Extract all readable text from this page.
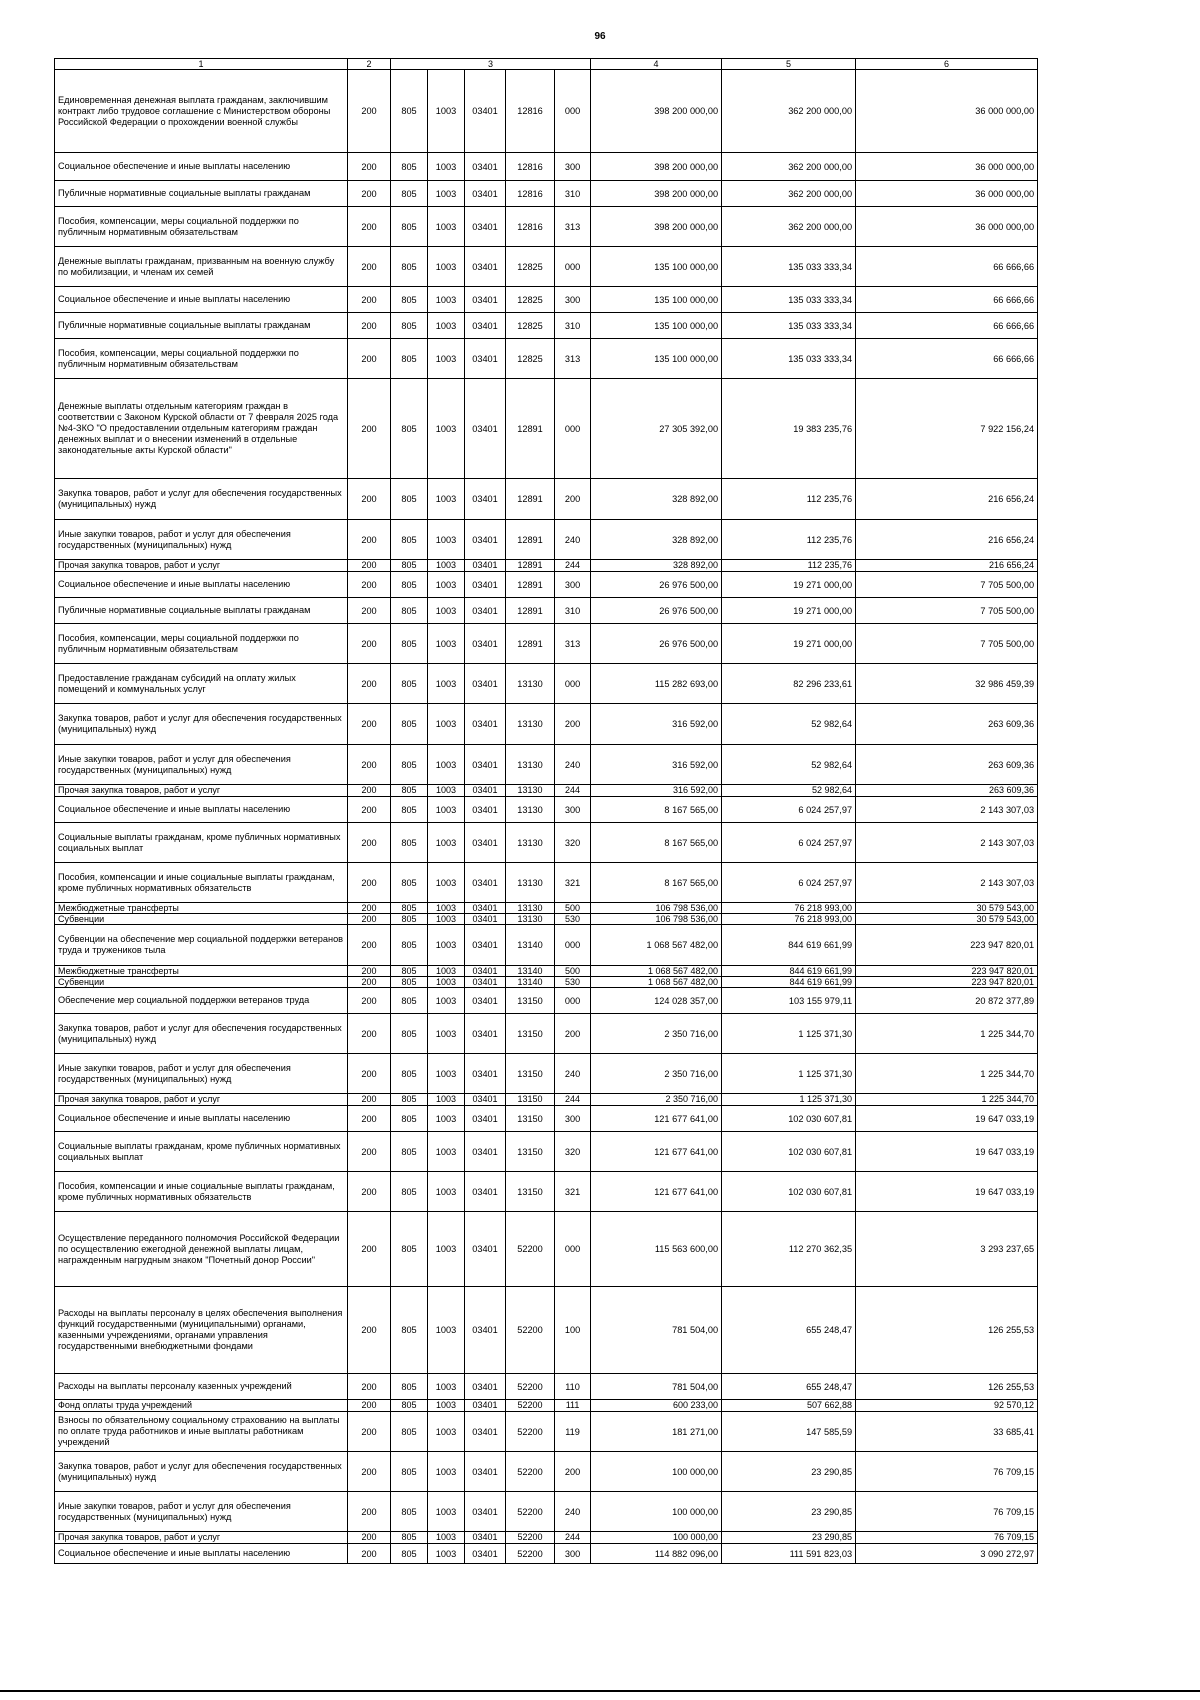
96
1	2	3					4	5	6
Единовременная денежная выплата гражданам, заключившим контракт либо трудовое соглашение с Министерством обороны Российской Федерации о прохождении военной службы	200	805	1003	03401	12816	000	398 200 000,00	362 200 000,00	36 000 000,00
Социальное обеспечение и иные выплаты населению	200	805	1003	03401	12816	300	398 200 000,00	362 200 000,00	36 000 000,00
Публичные нормативные социальные выплаты гражданам	200	805	1003	03401	12816	310	398 200 000,00	362 200 000,00	36 000 000,00
Пособия, компенсации, меры социальной поддержки по публичным нормативным обязательствам	200	805	1003	03401	12816	313	398 200 000,00	362 200 000,00	36 000 000,00
Денежные выплаты гражданам, призванным на военную службу по мобилизации, и членам их семей	200	805	1003	03401	12825	000	135 100 000,00	135 033 333,34	66 666,66
Социальное обеспечение и иные выплаты населению	200	805	1003	03401	12825	300	135 100 000,00	135 033 333,34	66 666,66
Публичные нормативные социальные выплаты гражданам	200	805	1003	03401	12825	310	135 100 000,00	135 033 333,34	66 666,66
Пособия, компенсации, меры социальной поддержки по публичным нормативным обязательствам	200	805	1003	03401	12825	313	135 100 000,00	135 033 333,34	66 666,66
Денежные выплаты отдельным категориям граждан в соответствии с Законом Курской области от 7 февраля 2025 года №4-ЗКО "О предоставлении отдельным категориям граждан денежных выплат и о внесении изменений в отдельные законодательные акты Курской области"	200	805	1003	03401	12891	000	27 305 392,00	19 383 235,76	7 922 156,24
Закупка товаров, работ и услуг для обеспечения государственных (муниципальных) нужд	200	805	1003	03401	12891	200	328 892,00	112 235,76	216 656,24
Иные закупки товаров, работ и услуг для обеспечения государственных (муниципальных) нужд	200	805	1003	03401	12891	240	328 892,00	112 235,76	216 656,24
Прочая закупка товаров, работ и услуг	200	805	1003	03401	12891	244	328 892,00	112 235,76	216 656,24
Социальное обеспечение и иные выплаты населению	200	805	1003	03401	12891	300	26 976 500,00	19 271 000,00	7 705 500,00
Публичные нормативные социальные выплаты гражданам	200	805	1003	03401	12891	310	26 976 500,00	19 271 000,00	7 705 500,00
Пособия, компенсации, меры социальной поддержки по публичным нормативным обязательствам	200	805	1003	03401	12891	313	26 976 500,00	19 271 000,00	7 705 500,00
Предоставление гражданам субсидий на оплату жилых помещений и коммунальных услуг	200	805	1003	03401	13130	000	115 282 693,00	82 296 233,61	32 986 459,39
Закупка товаров, работ и услуг для обеспечения государственных (муниципальных) нужд	200	805	1003	03401	13130	200	316 592,00	52 982,64	263 609,36
Иные закупки товаров, работ и услуг для обеспечения государственных (муниципальных) нужд	200	805	1003	03401	13130	240	316 592,00	52 982,64	263 609,36
Прочая закупка товаров, работ и услуг	200	805	1003	03401	13130	244	316 592,00	52 982,64	263 609,36
Социальное обеспечение и иные выплаты населению	200	805	1003	03401	13130	300	8 167 565,00	6 024 257,97	2 143 307,03
Социальные выплаты гражданам, кроме публичных нормативных социальных выплат	200	805	1003	03401	13130	320	8 167 565,00	6 024 257,97	2 143 307,03
Пособия, компенсации и иные социальные выплаты гражданам, кроме публичных нормативных обязательств	200	805	1003	03401	13130	321	8 167 565,00	6 024 257,97	2 143 307,03
Межбюджетные трансферты	200	805	1003	03401	13130	500	106 798 536,00	76 218 993,00	30 579 543,00
Субвенции	200	805	1003	03401	13130	530	106 798 536,00	76 218 993,00	30 579 543,00
Субвенции на обеспечение мер социальной поддержки ветеранов труда и тружеников тыла	200	805	1003	03401	13140	000	1 068 567 482,00	844 619 661,99	223 947 820,01
Межбюджетные трансферты	200	805	1003	03401	13140	500	1 068 567 482,00	844 619 661,99	223 947 820,01
Субвенции	200	805	1003	03401	13140	530	1 068 567 482,00	844 619 661,99	223 947 820,01
Обеспечение мер социальной поддержки ветеранов труда	200	805	1003	03401	13150	000	124 028 357,00	103 155 979,11	20 872 377,89
Закупка товаров, работ и услуг для обеспечения государственных (муниципальных) нужд	200	805	1003	03401	13150	200	2 350 716,00	1 125 371,30	1 225 344,70
Иные закупки товаров, работ и услуг для обеспечения государственных (муниципальных) нужд	200	805	1003	03401	13150	240	2 350 716,00	1 125 371,30	1 225 344,70
Прочая закупка товаров, работ и услуг	200	805	1003	03401	13150	244	2 350 716,00	1 125 371,30	1 225 344,70
Социальное обеспечение и иные выплаты населению	200	805	1003	03401	13150	300	121 677 641,00	102 030 607,81	19 647 033,19
Социальные выплаты гражданам, кроме публичных нормативных социальных выплат	200	805	1003	03401	13150	320	121 677 641,00	102 030 607,81	19 647 033,19
Пособия, компенсации и иные социальные выплаты гражданам, кроме публичных нормативных обязательств	200	805	1003	03401	13150	321	121 677 641,00	102 030 607,81	19 647 033,19
Осуществление переданного полномочия Российской Федерации по осуществлению ежегодной денежной выплаты лицам, награжденным нагрудным знаком "Почетный донор России"	200	805	1003	03401	52200	000	115 563 600,00	112 270 362,35	3 293 237,65
Расходы на выплаты персоналу в целях обеспечения выполнения функций государственными (муниципальными) органами, казенными учреждениями, органами управления государственными внебюджетными фондами	200	805	1003	03401	52200	100	781 504,00	655 248,47	126 255,53
Расходы на выплаты персоналу казенных учреждений	200	805	1003	03401	52200	110	781 504,00	655 248,47	126 255,53
Фонд оплаты труда учреждений	200	805	1003	03401	52200	111	600 233,00	507 662,88	92 570,12
Взносы по обязательному социальному страхованию на выплаты по оплате труда работников и иные выплаты работникам учреждений	200	805	1003	03401	52200	119	181 271,00	147 585,59	33 685,41
Закупка товаров, работ и услуг для обеспечения государственных (муниципальных) нужд	200	805	1003	03401	52200	200	100 000,00	23 290,85	76 709,15
Иные закупки товаров, работ и услуг для обеспечения государственных (муниципальных) нужд	200	805	1003	03401	52200	240	100 000,00	23 290,85	76 709,15
Прочая закупка товаров, работ и услуг	200	805	1003	03401	52200	244	100 000,00	23 290,85	76 709,15
Социальное обеспечение и иные выплаты населению	200	805	1003	03401	52200	300	114 882 096,00	111 591 823,03	3 090 272,97
